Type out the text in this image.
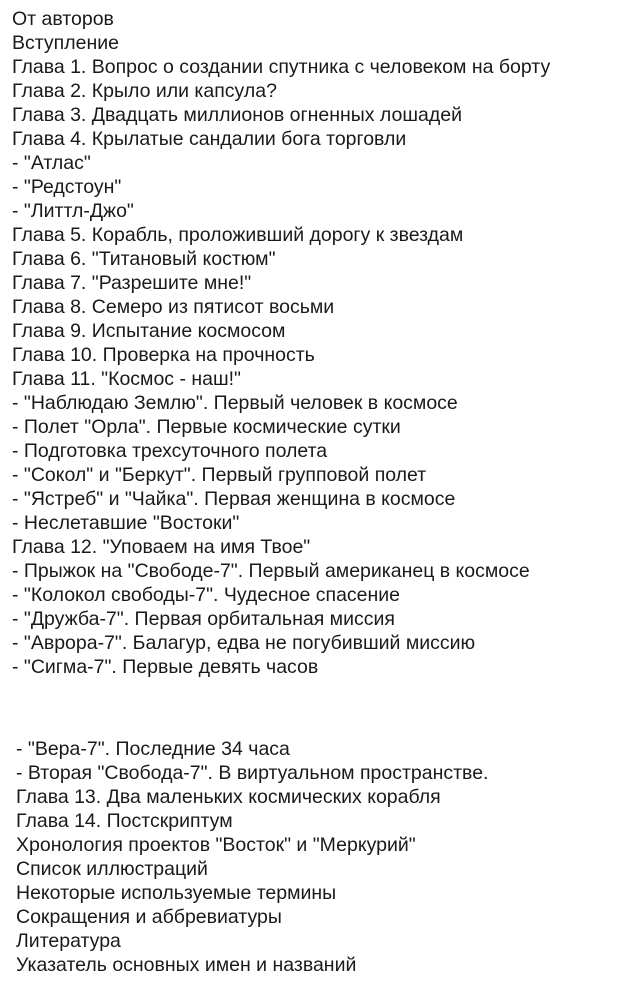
От авторов
Вступление
Глава 1. Вопрос о создании спутника с человеком на борту
Глава 2. Крыло или капсула?
Глава 3. Двадцать миллионов огненных лошадей
Глава 4. Крылатые сандалии бога торговли
- "Атлас"
- "Редстоун"
- "Литтл-Джо"
Глава 5. Корабль, проложивший дорогу к звездам
Глава 6. "Титановый костюм"
Глава 7. "Разрешите мне!"
Глава 8. Семеро из пятисот восьми
Глава 9. Испытание космосом
Глава 10. Проверка на прочность
Глава 11. "Космос - наш!"
- "Наблюдаю Землю". Первый человек в космосе
- Полет "Орла". Первые космические сутки
- Подготовка трехсуточного полета
- "Сокол" и "Беркут". Первый групповой полет
- "Ястреб" и "Чайка". Первая женщина в космосе
- Неслетавшие "Востоки"
Глава 12. "Уповаем на имя Твое"
- Прыжок на "Свободе-7". Первый американец в космосе
- "Колокол свободы-7". Чудесное спасение
- "Дружба-7". Первая орбитальная миссия
- "Аврора-7". Балагур, едва не погубивший миссию
- "Сигма-7". Первые девять часов
- "Вера-7". Последние 34 часа
- Вторая "Свобода-7". В виртуальном пространстве.
Глава 13. Два маленьких космических корабля
Глава 14. Постскриптум
Хронология проектов "Восток" и "Меркурий"
Список иллюстраций
Некоторые используемые термины
Сокращения и аббревиатуры
Литература
Указатель основных имен и названий
